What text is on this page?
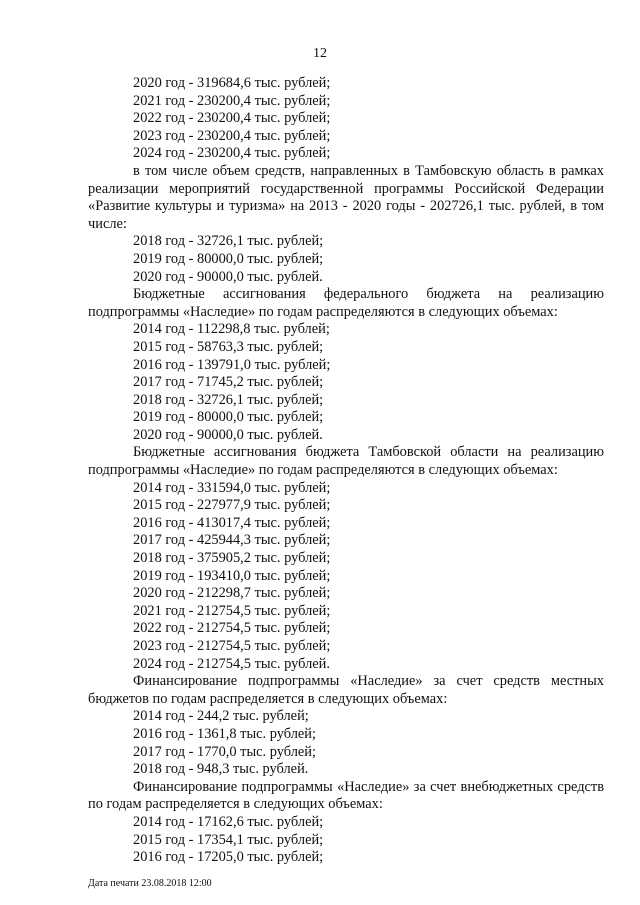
12
2020 год - 319684,6 тыс. рублей;
2021 год - 230200,4 тыс. рублей;
2022 год - 230200,4 тыс. рублей;
2023 год - 230200,4 тыс. рублей;
2024 год - 230200,4 тыс. рублей;
в том числе объем средств, направленных в Тамбовскую область в рамках реализации мероприятий государственной программы Российской Федерации «Развитие культуры и туризма» на 2013 - 2020 годы - 202726,1 тыс. рублей, в том числе:
2018 год - 32726,1 тыс. рублей;
2019 год - 80000,0 тыс. рублей;
2020 год - 90000,0 тыс. рублей.
Бюджетные ассигнования федерального бюджета на реализацию подпрограммы «Наследие» по годам распределяются в следующих объемах:
2014 год - 112298,8 тыс. рублей;
2015 год - 58763,3 тыс. рублей;
2016 год - 139791,0 тыс. рублей;
2017 год - 71745,2 тыс. рублей;
2018 год - 32726,1 тыс. рублей;
2019 год - 80000,0 тыс. рублей;
2020 год - 90000,0 тыс. рублей.
Бюджетные ассигнования бюджета Тамбовской области на реализацию подпрограммы «Наследие» по годам распределяются в следующих объемах:
2014 год - 331594,0 тыс. рублей;
2015 год - 227977,9 тыс. рублей;
2016 год - 413017,4 тыс. рублей;
2017 год - 425944,3 тыс. рублей;
2018 год - 375905,2 тыс. рублей;
2019 год - 193410,0 тыс. рублей;
2020 год - 212298,7 тыс. рублей;
2021 год - 212754,5 тыс. рублей;
2022 год - 212754,5 тыс. рублей;
2023 год - 212754,5 тыс. рублей;
2024 год - 212754,5 тыс. рублей.
Финансирование подпрограммы «Наследие» за счет средств местных бюджетов по годам распределяется в следующих объемах:
2014 год - 244,2 тыс. рублей;
2016 год - 1361,8 тыс. рублей;
2017 год - 1770,0 тыс. рублей;
2018 год - 948,3 тыс. рублей.
Финансирование подпрограммы «Наследие» за счет внебюджетных средств по годам распределяется в следующих объемах:
2014 год - 17162,6 тыс. рублей;
2015 год - 17354,1 тыс. рублей;
2016 год - 17205,0 тыс. рублей;
Дата печати 23.08.2018 12:00
